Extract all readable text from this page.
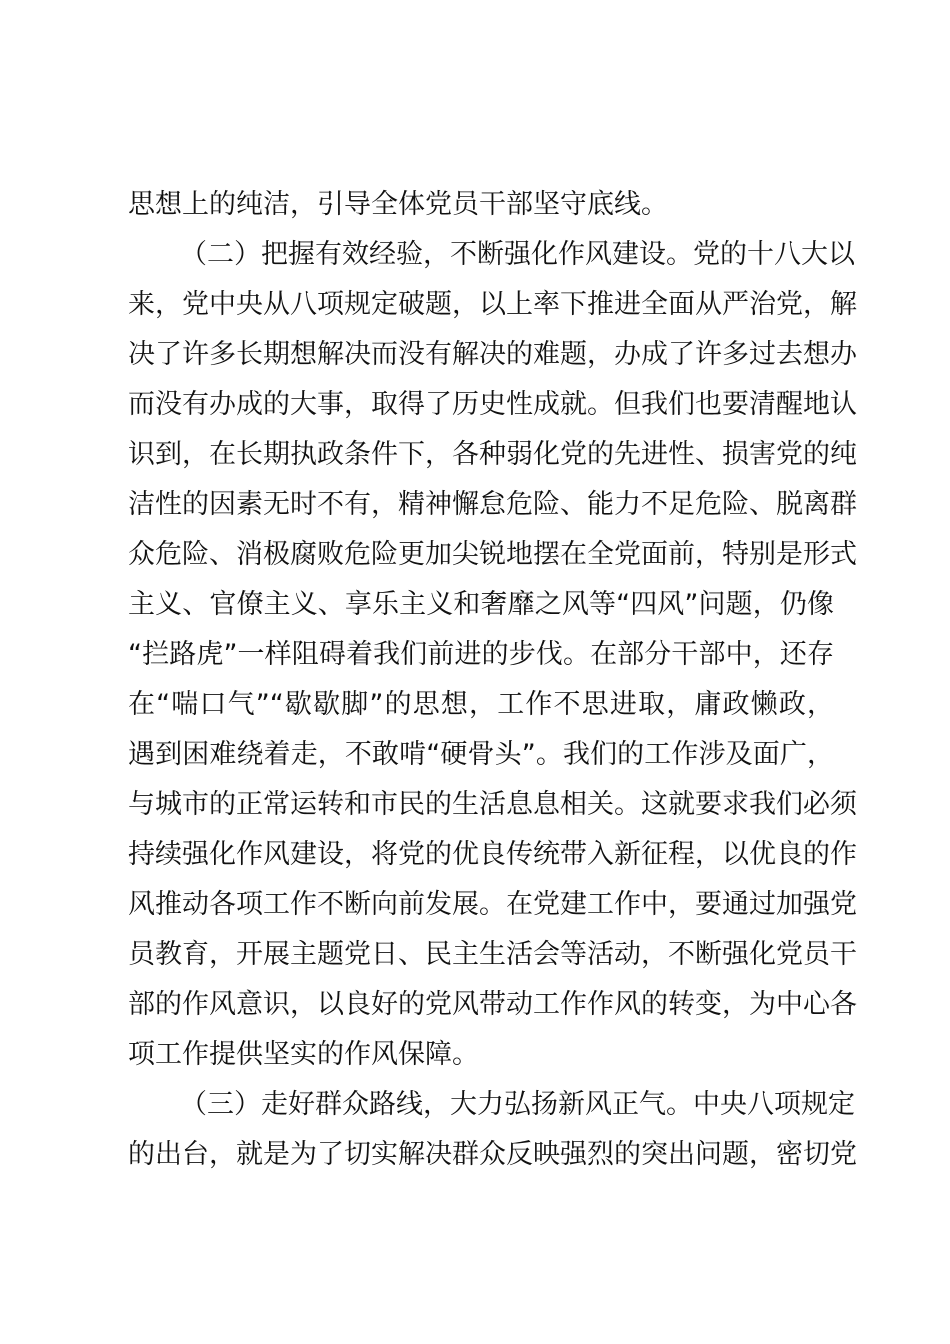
思想上的纯洁，引导全体党员干部坚守底线。
（二）把握有效经验，不断强化作风建设。党的十八大以
来，党中央从八项规定破题，以上率下推进全面从严治党，解
决了许多长期想解决而没有解决的难题，办成了许多过去想办
而没有办成的大事，取得了历史性成就。但我们也要清醒地认
识到，在长期执政条件下，各种弱化党的先进性、损害党的纯
洁性的因素无时不有，精神懈怠危险、能力不足危险、脱离群
众危险、消极腐败危险更加尖锐地摆在全党面前，特别是形式
主义、官僚主义、享乐主义和奢靡之风等“四风”问题，仍像
“拦路虎”一样阻碍着我们前进的步伐。在部分干部中，还存
在“喘口气”“歇歇脚”的思想，工作不思进取，庸政懒政，
遇到困难绕着走，不敢啃“硬骨头”。我们的工作涉及面广，
与城市的正常运转和市民的生活息息相关。这就要求我们必须
持续强化作风建设，将党的优良传统带入新征程，以优良的作
风推动各项工作不断向前发展。在党建工作中，要通过加强党
员教育，开展主题党日、民主生活会等活动，不断强化党员干
部的作风意识，以良好的党风带动工作作风的转变，为中心各
项工作提供坚实的作风保障。
（三）走好群众路线，大力弘扬新风正气。中央八项规定
的出台，就是为了切实解决群众反映强烈的突出问题，密切党
